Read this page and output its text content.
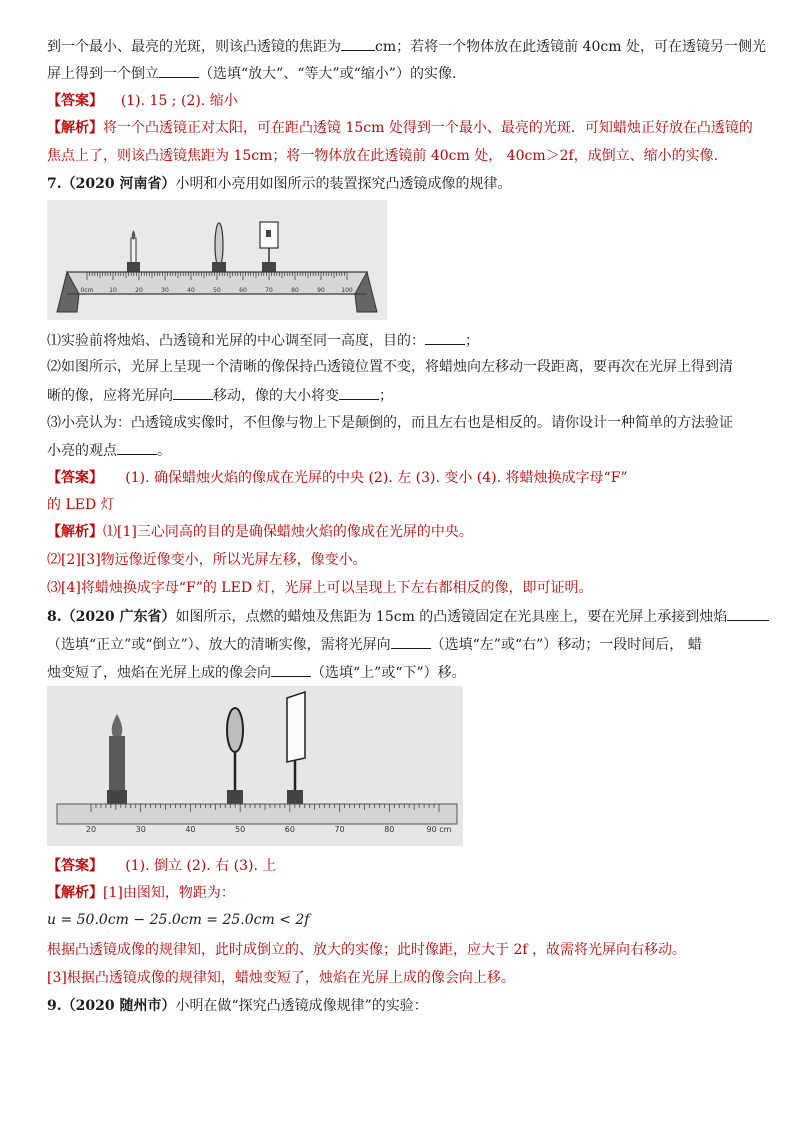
到一个最小、最亮的光斑，则该凸透镜的焦距为 cm；若将一个物体放在此透镜前 40cm 处，可在透镜另一侧光
屏上得到一个倒立	（选填“放大”、“等大”或“缩小”）的实像.
【答案】 (1). 15 ; (2). 缩小
【解析】将一个凸透镜正对太阳，可在距凸透镜 15cm 处得到一个最小、最亮的光斑．可知蜡烛正好放在凸透镜的
焦点上了，则该凸透镜焦距为 15cm；将一物体放在此透镜前 40cm 处， 40cm＞2f，成倒立、缩小的实像.
7.（2020 河南省）小明和小亮用如图所示的装置探究凸透镜成像的规律。
0cm	10	20	30	40	50	60	70	80	90	100
⑴实验前将烛焰、凸透镜和光屏的中心调至同一高度，目的：	；
⑵如图所示，光屏上呈现一个清晰的像保持凸透镜位置不变，将蜡烛向左移动一段距离，要再次在光屏上得到清
晰的像，应将光屏向	移动，像的大小将变	；
⑶小亮认为：凸透镜成实像时，不但像与物上下是颠倒的，而且左右也是相反的。请你设计一种简单的方法验证
小亮的观点	。
【答案】 (1). 确保蜡烛火焰的像成在光屏的中央 (2). 左 (3). 变小 (4). 将蜡烛换成字母“F”
的 LED 灯
【解析】⑴[1]三心同高的目的是确保蜡烛火焰的像成在光屏的中央。
⑵[2][3]物远像近像变小，所以光屏左移，像变小。
⑶[4]将蜡烛换成字母“F”的 LED 灯，光屏上可以呈现上下左右都相反的像，即可证明。
8.（2020 广东省）如图所示，点燃的蜡烛及焦距为 15cm 的凸透镜固定在光具座上，要在光屏上承接到烛焰
（选填“正立”或“倒立”）、放大的清晰实像，需将光屏向	（选填“左”或“右”）移动；一段时间后， 蜡
烛变短了，烛焰在光屏上成的像会向	（选填“上”或“下”）移。
20	30	40	50	60	70	80	90 cm
【答案】 (1). 倒立 (2). 右 (3). 上
【解析】[1]由图知，物距为：
u = 50.0cm − 25.0cm = 25.0cm < 2f
根据凸透镜成像的规律知，此时成倒立的、放大的实像；此时像距，应大于 2f ，故需将光屏向右移动。
[3]根据凸透镜成像的规律知，蜡烛变短了，烛焰在光屏上成的像会向上移。
9.（2020 随州市）小明在做“探究凸透镜成像规律”的实验：
